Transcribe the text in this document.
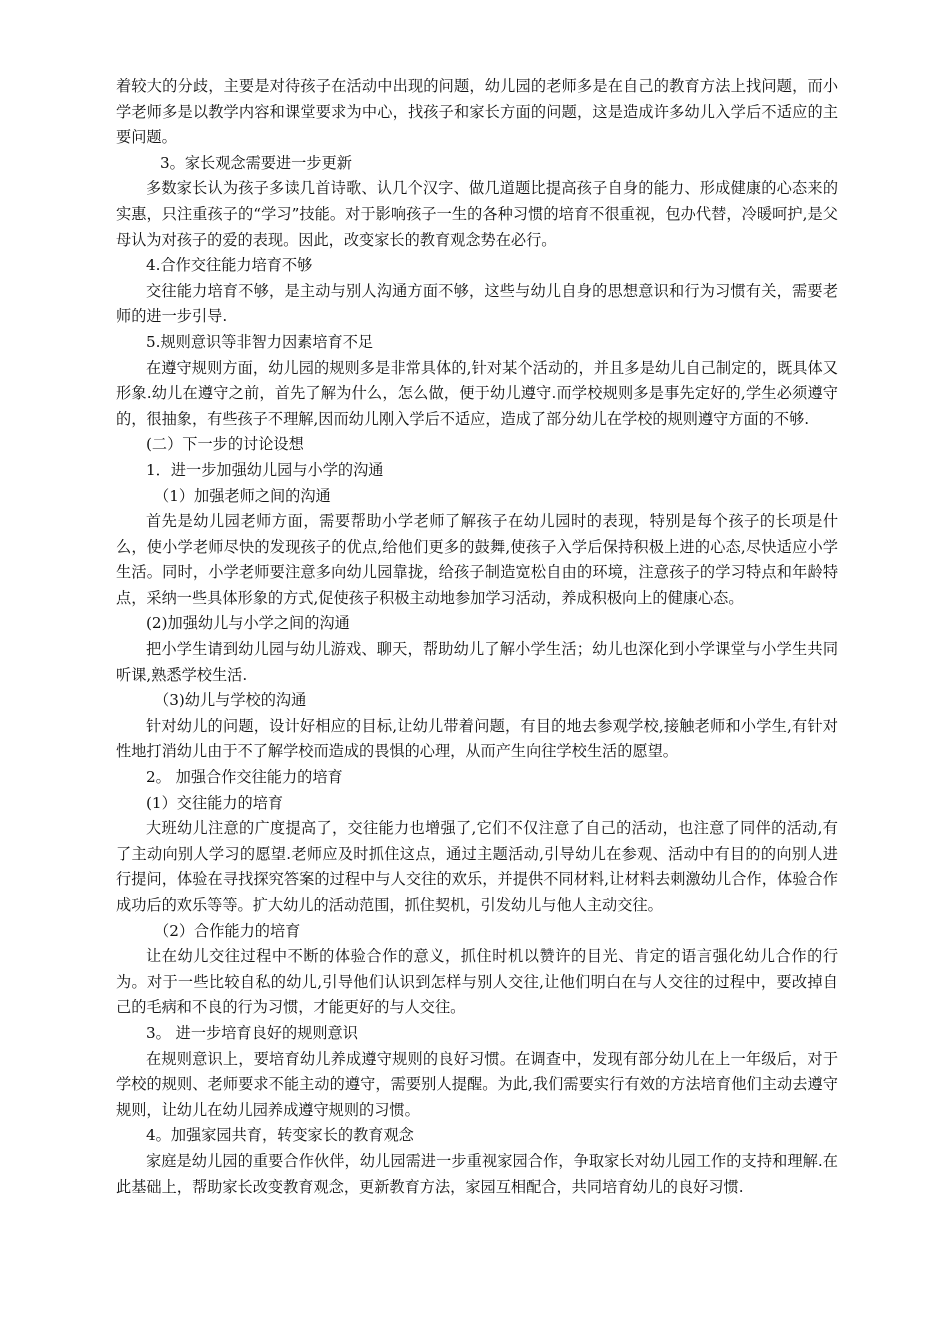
着较大的分歧，主要是对待孩子在活动中出现的问题，幼儿园的老师多是在自己的教育方法上找问题，而小学老师多是以教学内容和课堂要求为中心，找孩子和家长方面的问题，这是造成许多幼儿入学后不适应的主要问题。

3。家长观念需要进一步更新

多数家长认为孩子多读几首诗歌、认几个汉字、做几道题比提高孩子自身的能力、形成健康的心态来的实惠，只注重孩子的“学习”技能。对于影响孩子一生的各种习惯的培育不很重视，包办代替，冷暖呵护,是父母认为对孩子的爱的表现。因此，改变家长的教育观念势在必行。

4.合作交往能力培育不够

交往能力培育不够，是主动与别人沟通方面不够，这些与幼儿自身的思想意识和行为习惯有关，需要老师的进一步引导.

5.规则意识等非智力因素培育不足

在遵守规则方面，幼儿园的规则多是非常具体的,针对某个活动的，并且多是幼儿自己制定的，既具体又形象.幼儿在遵守之前，首先了解为什么，怎么做，便于幼儿遵守.而学校规则多是事先定好的,学生必须遵守的，很抽象，有些孩子不理解,因而幼儿刚入学后不适应，造成了部分幼儿在学校的规则遵守方面的不够.

(二）下一步的讨论设想

1．进一步加强幼儿园与小学的沟通

（1）加强老师之间的沟通

首先是幼儿园老师方面，需要帮助小学老师了解孩子在幼儿园时的表现，特别是每个孩子的长项是什么，使小学老师尽快的发现孩子的优点,给他们更多的鼓舞,使孩子入学后保持积极上进的心态,尽快适应小学生活。同时，小学老师要注意多向幼儿园靠拢，给孩子制造宽松自由的环境，注意孩子的学习特点和年龄特点，采纳一些具体形象的方式,促使孩子积极主动地参加学习活动，养成积极向上的健康心态。

(2)加强幼儿与小学之间的沟通

把小学生请到幼儿园与幼儿游戏、聊天，帮助幼儿了解小学生活；幼儿也深化到小学课堂与小学生共同听课,熟悉学校生活.

（3)幼儿与学校的沟通

针对幼儿的问题，设计好相应的目标,让幼儿带着问题，有目的地去参观学校,接触老师和小学生,有针对性地打消幼儿由于不了解学校而造成的畏惧的心理，从而产生向往学校生活的愿望。

2。 加强合作交往能力的培育

(1）交往能力的培育

大班幼儿注意的广度提高了，交往能力也增强了,它们不仅注意了自己的活动，也注意了同伴的活动,有了主动向别人学习的愿望.老师应及时抓住这点，通过主题活动,引导幼儿在参观、活动中有目的的向别人进行提问，体验在寻找探究答案的过程中与人交往的欢乐，并提供不同材料,让材料去刺激幼儿合作，体验合作成功后的欢乐等等。扩大幼儿的活动范围，抓住契机，引发幼儿与他人主动交往。

（2）合作能力的培育

让在幼儿交往过程中不断的体验合作的意义，抓住时机以赞许的目光、肯定的语言强化幼儿合作的行为。对于一些比较自私的幼儿,引导他们认识到怎样与别人交往,让他们明白在与人交往的过程中，要改掉自己的毛病和不良的行为习惯，才能更好的与人交往。

3。 进一步培育良好的规则意识

在规则意识上，要培育幼儿养成遵守规则的良好习惯。在调查中，发现有部分幼儿在上一年级后，对于学校的规则、老师要求不能主动的遵守，需要别人提醒。为此,我们需要实行有效的方法培育他们主动去遵守规则，让幼儿在幼儿园养成遵守规则的习惯。

4。加强家园共育，转变家长的教育观念

家庭是幼儿园的重要合作伙伴，幼儿园需进一步重视家园合作，争取家长对幼儿园工作的支持和理解.在此基础上，帮助家长改变教育观念，更新教育方法，家园互相配合，共同培育幼儿的良好习惯.
